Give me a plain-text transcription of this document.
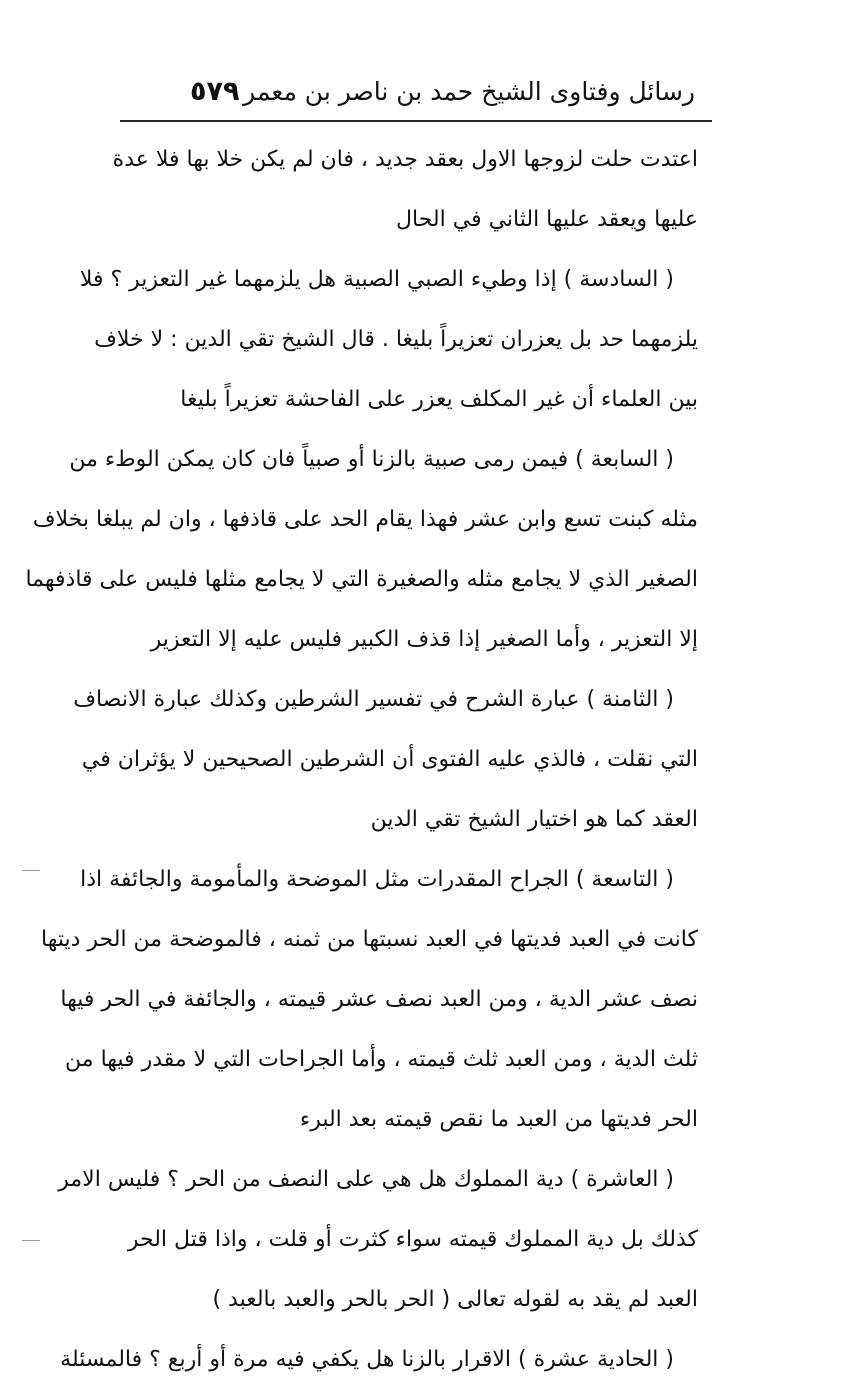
رسائل وفتاوى الشيخ حمد بن ناصر بن معمر
٥٧٩
اعتدت حلت لزوجها الاول بعقد جديد ، فان لم يكن خلا بها فلا عدة
عليها ويعقد عليها الثاني في الحال
( السادسة ) إذا وطيء الصبي الصبية هل يلزمهما غير التعزير ؟ فلا
يلزمهما حد بل يعزران تعزيراً بليغا . قال الشيخ تقي الدين : لا خلاف
بين العلماء أن غير المكلف يعزر على الفاحشة تعزيراً بليغا
( السابعة ) فيمن رمى صبية بالزنا أو صبياً فان كان يمكن الوطء من
مثله كبنت تسع وابن عشر فهذا يقام الحد على قاذفها ، وان لم يبلغا بخلاف
الصغير الذي لا يجامع مثله والصغيرة التي لا يجامع مثلها فليس على قاذفهما
إلا التعزير ، وأما الصغير إذا قذف الكبير فليس عليه إلا التعزير
( الثامنة ) عبارة الشرح في تفسير الشرطين وكذلك عبارة الانصاف
التي نقلت ، فالذي عليه الفتوى أن الشرطين الصحيحين لا يؤثران في
العقد كما هو اختيار الشيخ تقي الدين
( التاسعة ) الجراح المقدرات مثل الموضحة والمأمومة والجائفة اذا
كانت في العبد فديتها في العبد نسبتها من ثمنه ، فالموضحة من الحر ديتها
نصف عشر الدية ، ومن العبد نصف عشر قيمته ، والجائفة في الحر فيها
ثلث الدية ، ومن العبد ثلث قيمته ، وأما الجراحات التي لا مقدر فيها من
الحر فديتها من العبد ما نقص قيمته بعد البرء
( العاشرة ) دية المملوك هل هي على النصف من الحر ؟ فليس الامر
كذلك بل دية المملوك قيمته سواء كثرت أو قلت ، واذا قتل الحر
العبد لم يقد به لقوله تعالى ( الحر بالحر والعبد بالعبد )
( الحادية عشرة ) الاقرار بالزنا هل يكفي فيه مرة أو أربع ؟ فالمسئلة
